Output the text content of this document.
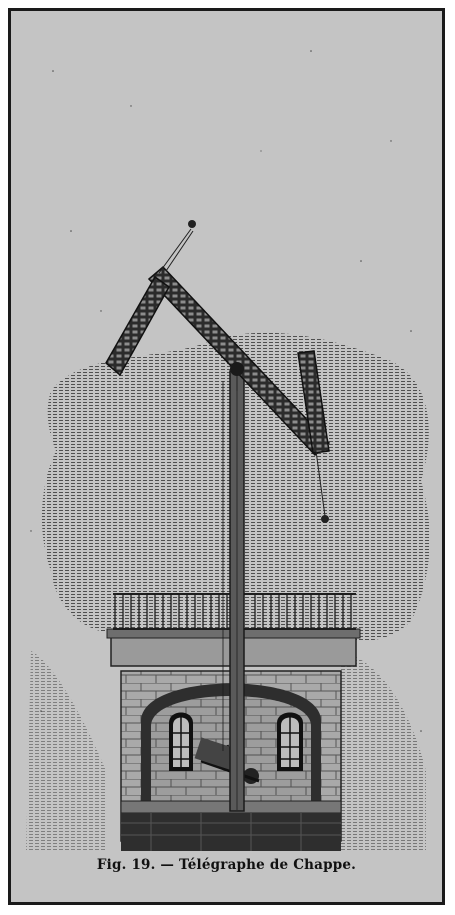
Fig. 19. — Télégraphe de Chappe.
